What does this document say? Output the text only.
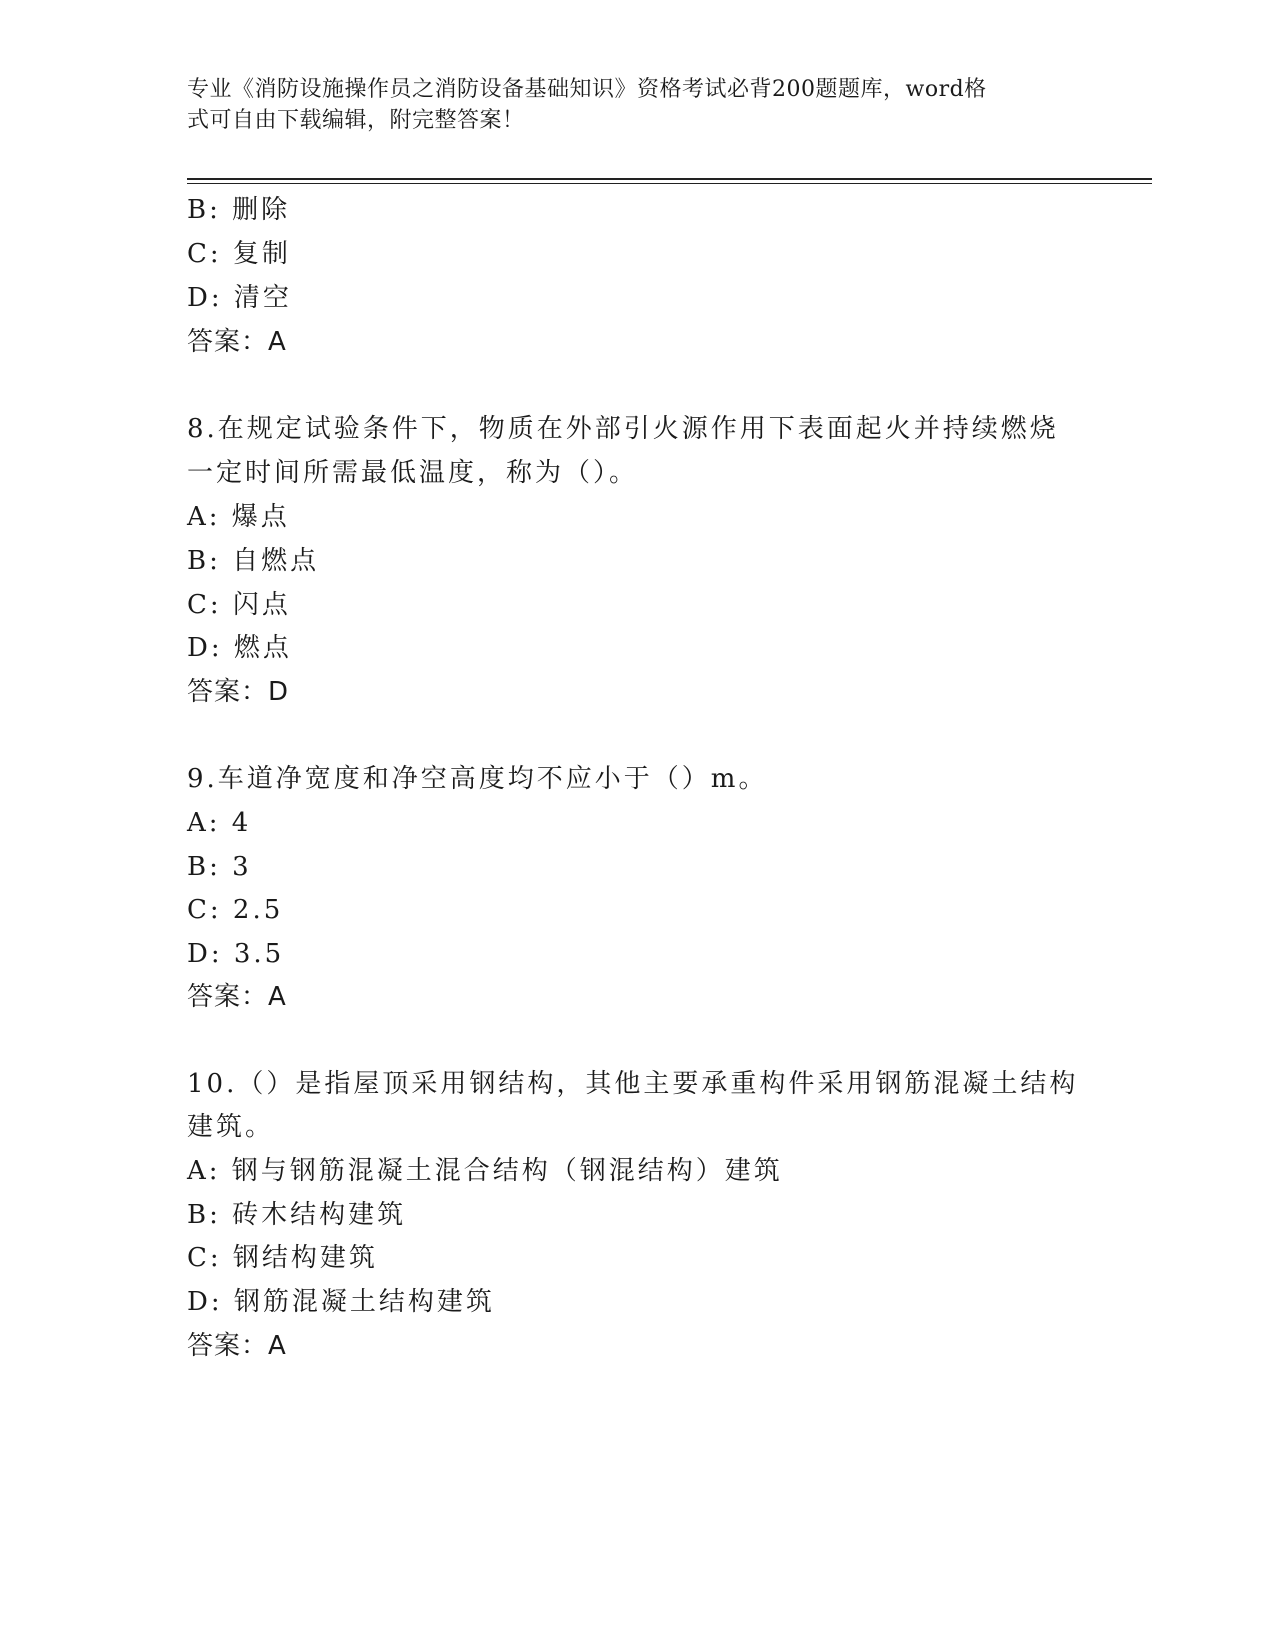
专业《消防设施操作员之消防设备基础知识》资格考试必背200题题库，word格
式可自由下载编辑，附完整答案！
B: 删除
C: 复制
D: 清空
答案：A
8.在规定试验条件下，物质在外部引火源作用下表面起火并持续燃烧
一定时间所需最低温度，称为（）。
A: 爆点
B: 自燃点
C: 闪点
D: 燃点
答案：D
9.车道净宽度和净空高度均不应小于（）m。
A: 4
B: 3
C: 2.5
D: 3.5
答案：A
10.（）是指屋顶采用钢结构，其他主要承重构件采用钢筋混凝土结构
建筑。
A: 钢与钢筋混凝土混合结构（钢混结构）建筑
B: 砖木结构建筑
C: 钢结构建筑
D: 钢筋混凝土结构建筑
答案：A
